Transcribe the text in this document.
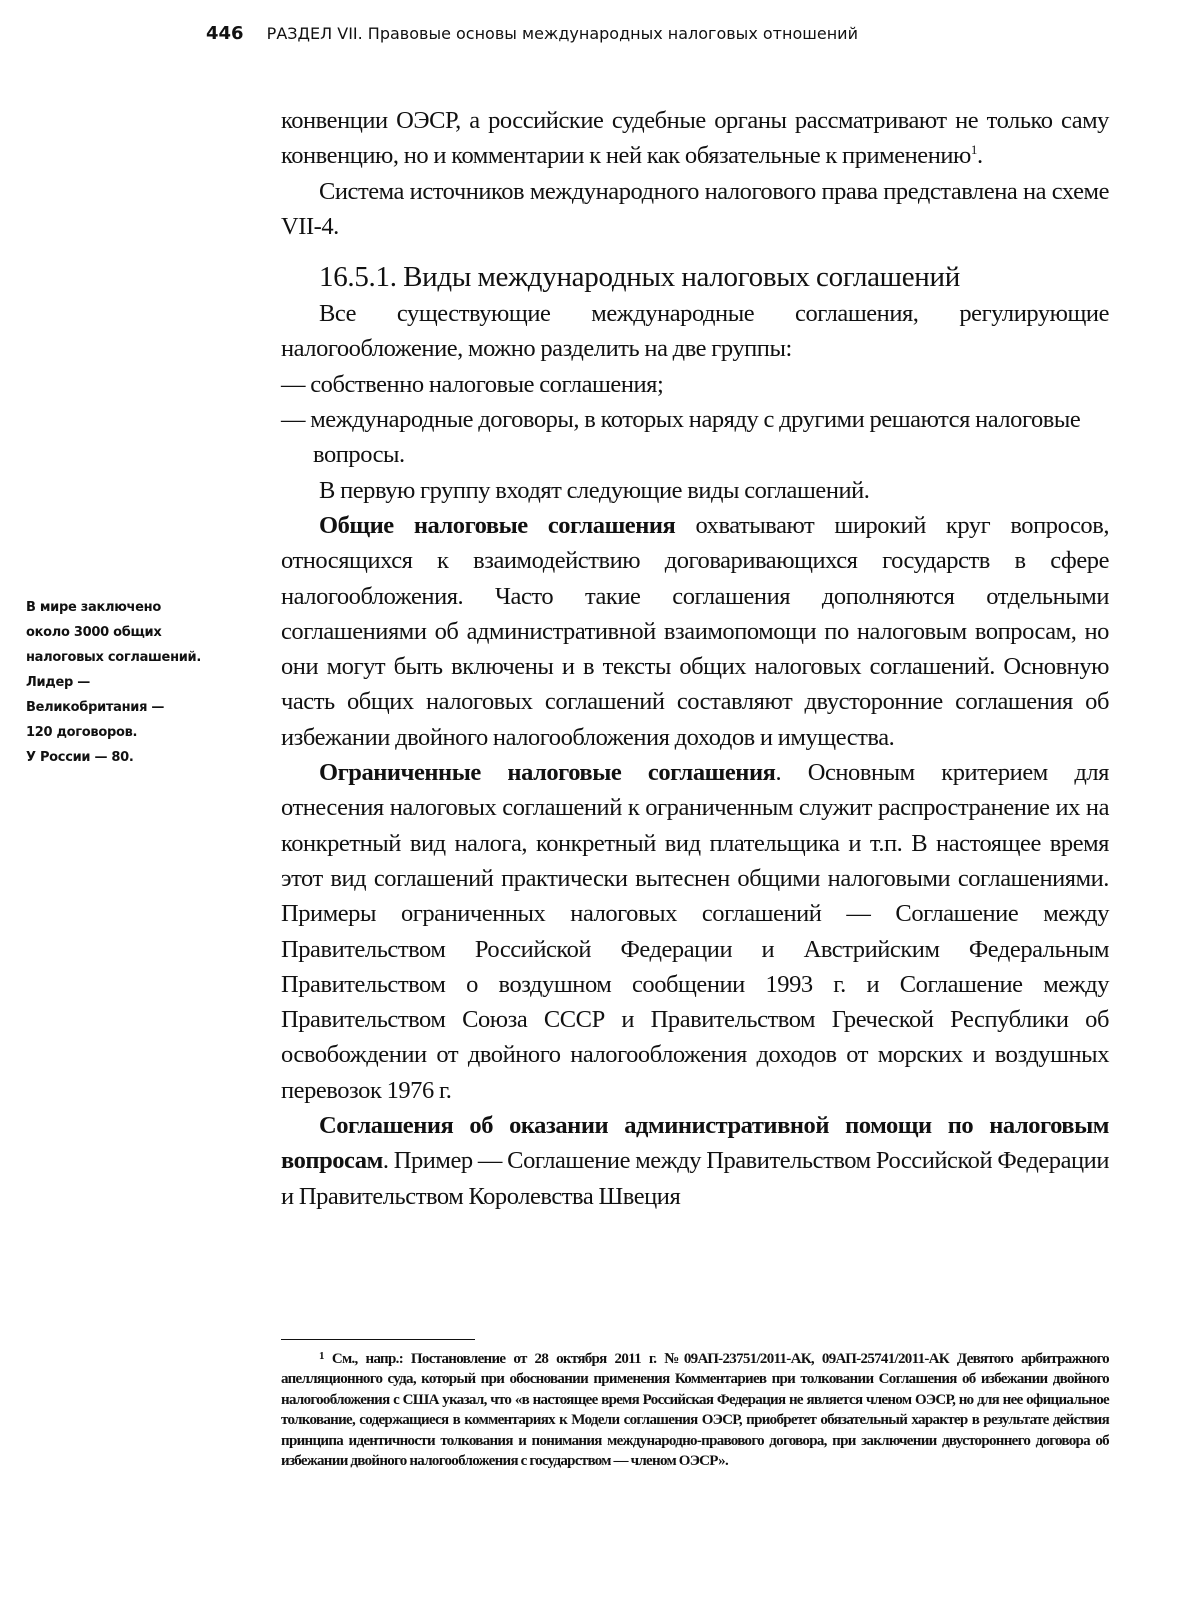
446 РАЗДЕЛ VII. Правовые основы международных налоговых отношений
В мире заключено
около 3000 общих
налоговых соглашений.
Лидер —
Великобритания —
120 договоров.
У России — 80.

конвенции ОЭСР, а российские судебные органы рассматривают не только саму конвенцию, но и комментарии к ней как обязательные к применению$^1$.

Система источников международного налогового права представлена на схеме VII-4.

16.5.1. Виды международных налоговых соглашений

Все существующие международные соглашения, регулирующие налогообложение, можно разделить на две группы:

— собственно налоговые соглашения;

— международные договоры, в которых наряду с другими решаются налоговые вопросы.

В первую группу входят следующие виды соглашений.

Общие налоговые соглашения охватывают широкий круг вопросов, относящихся к взаимодействию договаривающихся государств в сфере налогообложения. Часто такие соглашения дополняются отдельными соглашениями об административной взаимопомощи по налоговым вопросам, но они могут быть включены и в тексты общих налоговых соглашений. Основную часть общих налоговых соглашений составляют двусторонние соглашения об избежании двойного налогообложения доходов и имущества.

Ограниченные налоговые соглашения. Основным критерием для отнесения налоговых соглашений к ограниченным служит распространение их на конкретный вид налога, конкретный вид плательщика и т.п. В настоящее время этот вид соглашений практически вытеснен общими налоговыми соглашениями. Примеры ограниченных налоговых соглашений — Соглашение между Правительством Российской Федерации и Австрийским Федеральным Правительством о воздушном сообщении 1993 г. и Соглашение между Правительством Союза СССР и Правительством Греческой Республики об освобождении от двойного налогообложения доходов от морских и воздушных перевозок 1976 г.

Соглашения об оказании административной помощи по налоговым вопросам. Пример — Соглашение между Правительством Российской Федерации и Правительством Королевства Швеция

1 См., напр.: Постановление от 28 октября 2011 г. №09АП-23751/2011-АК, 09АП-25741/2011-АК Девятого арбитражного апелляционного суда, который при обосновании применения Комментариев при толковании Соглашения об избежании двойного налогообложения с США указал, что «в настоящее время Российская Федерация не является членом ОЭСР, но для нее официальное толкование, содержащиеся в комментариях к Модели соглашения ОЭСР, приобретет обязательный характер в результате действия принципа идентичности толкования и понимания международно-правового договора, при заключении двустороннего договора об избежании двойного налогообложения с государством — членом ОЭСР».
